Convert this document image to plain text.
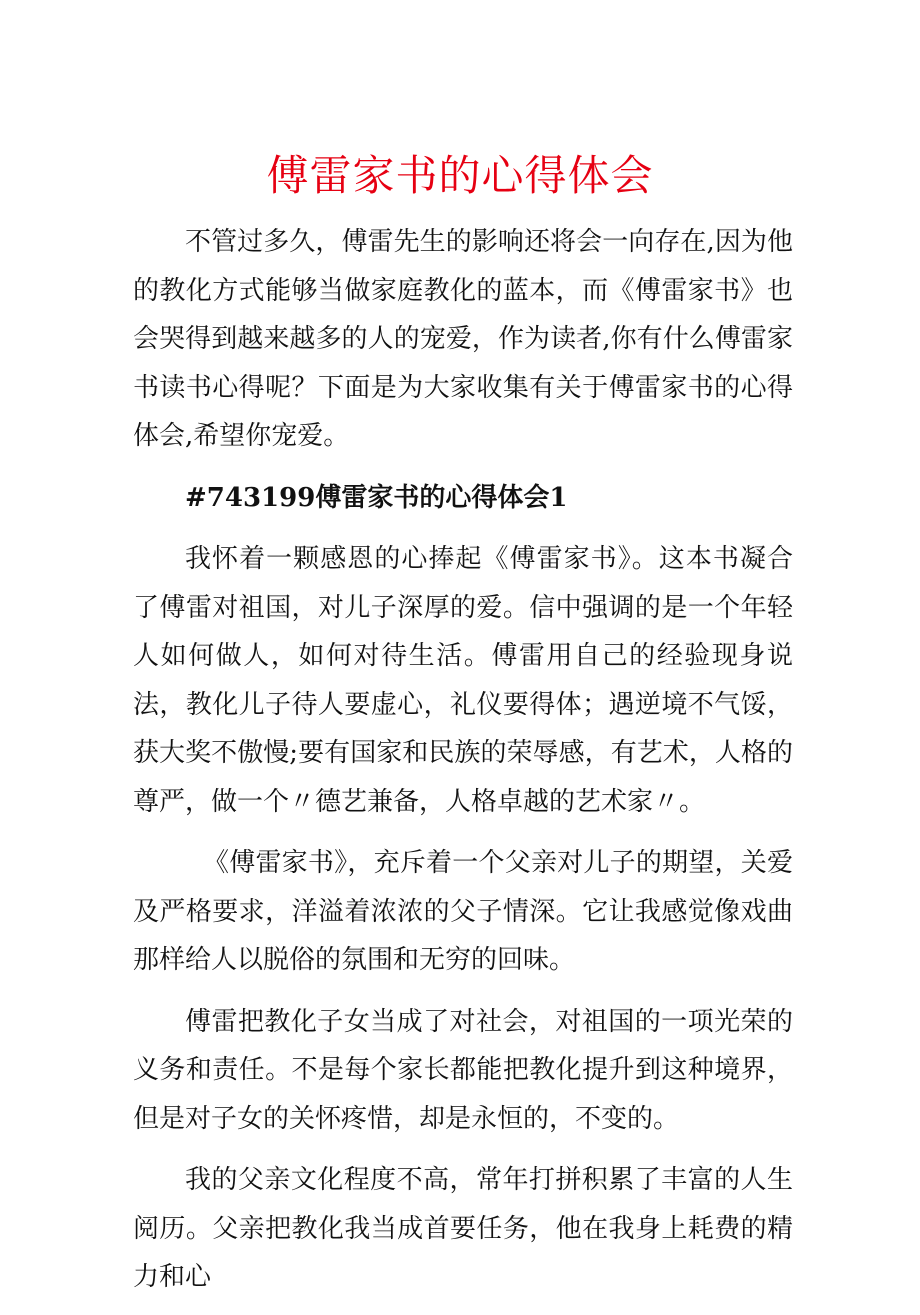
傅雷家书的心得体会

不管过多久，傅雷先生的影响还将会一向存在,因为他的教化方式能够当做家庭教化的蓝本，而《傅雷家书》也会哭得到越来越多的人的宠爱，作为读者,你有什么傅雷家书读书心得呢？下面是为大家收集有关于傅雷家书的心得体会,希望你宠爱。

#743199傅雷家书的心得体会1

我怀着一颗感恩的心捧起《傅雷家书》。这本书凝合了傅雷对祖国，对儿子深厚的爱。信中强调的是一个年轻人如何做人，如何对待生活。傅雷用自己的经验现身说法，教化儿子待人要虚心，礼仪要得体；遇逆境不气馁，获大奖不傲慢;要有国家和民族的荣辱感，有艺术，人格的尊严，做一个〃德艺兼备，人格卓越的艺术家〃。

《傅雷家书》，充斥着一个父亲对儿子的期望，关爱及严格要求，洋溢着浓浓的父子情深。它让我感觉像戏曲那样给人以脱俗的氛围和无穷的回味。

傅雷把教化子女当成了对社会，对祖国的一项光荣的义务和责任。不是每个家长都能把教化提升到这种境界，但是对子女的关怀疼惜，却是永恒的，不变的。

我的父亲文化程度不高，常年打拼积累了丰富的人生阅历。父亲把教化我当成首要任务，他在我身上耗费的精力和心
